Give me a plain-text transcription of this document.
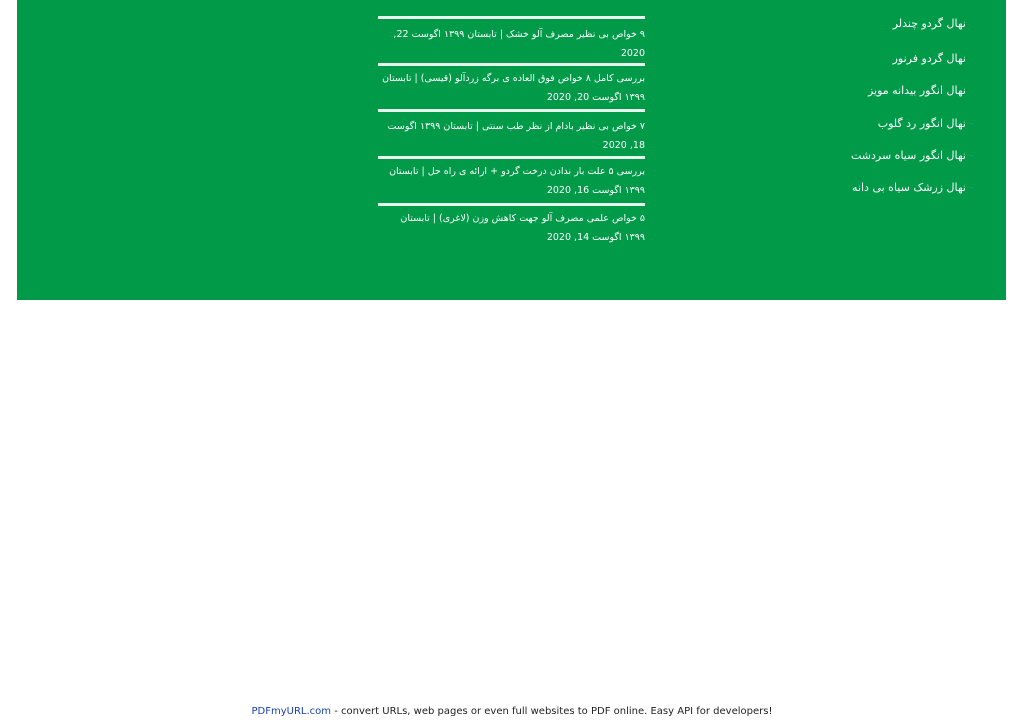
۹ خواص بی نظیر مصرف آلو خشک | تابستان ۱۳۹۹ اگوست 22, 2020
بررسی کامل ۸ خواص فوق العاده ی برگه زردآلو (قیسی) | تابستان ۱۳۹۹ اگوست 20, 2020
۷ خواص بی نظیر بادام از نظر طب سنتی | تابستان ۱۳۹۹ اگوست 18, 2020
بررسی ۵ علت بار ندادن درخت گردو + ارائه ی راه حل | تابستان ۱۳۹۹ اگوست 16, 2020
۵ خواص علمی مصرف آلو جهت کاهش وزن (لاغری) | تابستان ۱۳۹۹ اگوست 14, 2020
نهال گردو چندلر
نهال گردو فرنور
نهال انگور بیدانه مویز
نهال انگور رد گلوب
نهال انگور سیاه سردشت
نهال زرشک سیاه بی دانه
PDFmyURL.com - convert URLs, web pages or even full websites to PDF online. Easy API for developers!
